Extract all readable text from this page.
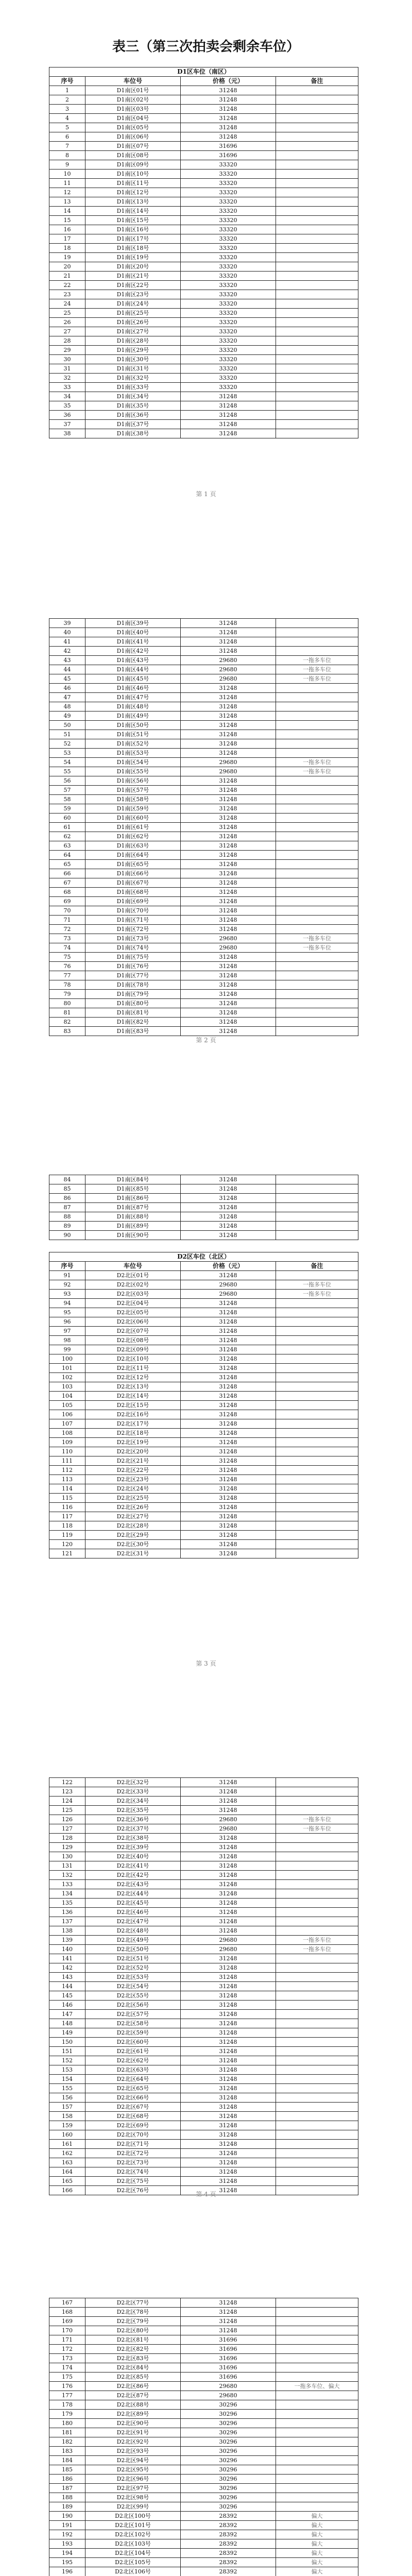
表三（第三次拍卖会剩余车位）
D1区车位（南区）			
序号	车位号	价格（元）	备注
1	D1南区01号	31248	
2	D1南区02号	31248	
3	D1南区03号	31248	
4	D1南区04号	31248	
5	D1南区05号	31248	
6	D1南区06号	31248	
7	D1南区07号	31696	
8	D1南区08号	31696	
9	D1南区09号	33320	
10	D1南区10号	33320	
11	D1南区11号	33320	
12	D1南区12号	33320	
13	D1南区13号	33320	
14	D1南区14号	33320	
15	D1南区15号	33320	
16	D1南区16号	33320	
17	D1南区17号	33320	
18	D1南区18号	33320	
19	D1南区19号	33320	
20	D1南区20号	33320	
21	D1南区21号	33320	
22	D1南区22号	33320	
23	D1南区23号	33320	
24	D1南区24号	33320	
25	D1南区25号	33320	
26	D1南区26号	33320	
27	D1南区27号	33320	
28	D1南区28号	33320	
29	D1南区29号	33320	
30	D1南区30号	33320	
31	D1南区31号	33320	
32	D1南区32号	33320	
33	D1南区33号	33320	
34	D1南区34号	31248	
35	D1南区35号	31248	
36	D1南区36号	31248	
37	D1南区37号	31248	
38	D1南区38号	31248	
第 1 页
39	D1南区39号	31248	
40	D1南区40号	31248	
41	D1南区41号	31248	
42	D1南区42号	31248	
43	D1南区43号	29680	一拖多车位
44	D1南区44号	29680	一拖多车位
45	D1南区45号	29680	一拖多车位
46	D1南区46号	31248	
47	D1南区47号	31248	
48	D1南区48号	31248	
49	D1南区49号	31248	
50	D1南区50号	31248	
51	D1南区51号	31248	
52	D1南区52号	31248	
53	D1南区53号	31248	
54	D1南区54号	29680	一拖多车位
55	D1南区55号	29680	一拖多车位
56	D1南区56号	31248	
57	D1南区57号	31248	
58	D1南区58号	31248	
59	D1南区59号	31248	
60	D1南区60号	31248	
61	D1南区61号	31248	
62	D1南区62号	31248	
63	D1南区63号	31248	
64	D1南区64号	31248	
65	D1南区65号	31248	
66	D1南区66号	31248	
67	D1南区67号	31248	
68	D1南区68号	31248	
69	D1南区69号	31248	
70	D1南区70号	31248	
71	D1南区71号	31248	
72	D1南区72号	31248	
73	D1南区73号	29680	一拖多车位
74	D1南区74号	29680	一拖多车位
75	D1南区75号	31248	
76	D1南区76号	31248	
77	D1南区77号	31248	
78	D1南区78号	31248	
79	D1南区79号	31248	
80	D1南区80号	31248	
81	D1南区81号	31248	
82	D1南区82号	31248	
83	D1南区83号	31248	
第 2 页
84	D1南区84号	31248	
85	D1南区85号	31248	
86	D1南区86号	31248	
87	D1南区87号	31248	
88	D1南区88号	31248	
89	D1南区89号	31248	
90	D1南区90号	31248	
D2区车位（北区）			
序号	车位号	价格（元）	备注
91	D2北区01号	31248	
92	D2北区02号	29680	一拖多车位
93	D2北区03号	29680	一拖多车位
94	D2北区04号	31248	
95	D2北区05号	31248	
96	D2北区06号	31248	
97	D2北区07号	31248	
98	D2北区08号	31248	
99	D2北区09号	31248	
100	D2北区10号	31248	
101	D2北区11号	31248	
102	D2北区12号	31248	
103	D2北区13号	31248	
104	D2北区14号	31248	
105	D2北区15号	31248	
106	D2北区16号	31248	
107	D2北区17号	31248	
108	D2北区18号	31248	
109	D2北区19号	31248	
110	D2北区20号	31248	
111	D2北区21号	31248	
112	D2北区22号	31248	
113	D2北区23号	31248	
114	D2北区24号	31248	
115	D2北区25号	31248	
116	D2北区26号	31248	
117	D2北区27号	31248	
118	D2北区28号	31248	
119	D2北区29号	31248	
120	D2北区30号	31248	
121	D2北区31号	31248	
第 3 页
122	D2北区32号	31248	
123	D2北区33号	31248	
124	D2北区34号	31248	
125	D2北区35号	31248	
126	D2北区36号	29680	一拖多车位
127	D2北区37号	29680	一拖多车位
128	D2北区38号	31248	
129	D2北区39号	31248	
130	D2北区40号	31248	
131	D2北区41号	31248	
132	D2北区42号	31248	
133	D2北区43号	31248	
134	D2北区44号	31248	
135	D2北区45号	31248	
136	D2北区46号	31248	
137	D2北区47号	31248	
138	D2北区48号	31248	
139	D2北区49号	29680	一拖多车位
140	D2北区50号	29680	一拖多车位
141	D2北区51号	31248	
142	D2北区52号	31248	
143	D2北区53号	31248	
144	D2北区54号	31248	
145	D2北区55号	31248	
146	D2北区56号	31248	
147	D2北区57号	31248	
148	D2北区58号	31248	
149	D2北区59号	31248	
150	D2北区60号	31248	
151	D2北区61号	31248	
152	D2北区62号	31248	
153	D2北区63号	31248	
154	D2北区64号	31248	
155	D2北区65号	31248	
156	D2北区66号	31248	
157	D2北区67号	31248	
158	D2北区68号	31248	
159	D2北区69号	31248	
160	D2北区70号	31248	
161	D2北区71号	31248	
162	D2北区72号	31248	
163	D2北区73号	31248	
164	D2北区74号	31248	
165	D2北区75号	31248	
166	D2北区76号	31248	
第 4 页
167	D2北区77号	31248	
168	D2北区78号	31248	
169	D2北区79号	31248	
170	D2北区80号	31248	
171	D2北区81号	31696	
172	D2北区82号	31696	
173	D2北区83号	31696	
174	D2北区84号	31696	
175	D2北区85号	31696	
176	D2北区86号	29680	一拖多车位、偏大
177	D2北区87号	29680	
178	D2北区88号	30296	
179	D2北区89号	30296	
180	D2北区90号	30296	
181	D2北区91号	30296	
182	D2北区92号	30296	
183	D2北区93号	30296	
184	D2北区94号	30296	
185	D2北区95号	30296	
186	D2北区96号	30296	
187	D2北区97号	30296	
188	D2北区98号	30296	
189	D2北区99号	30296	
190	D2北区100号	28392	偏大
191	D2北区101号	28392	偏大
192	D2北区102号	28392	偏大
193	D2北区103号	28392	偏大
194	D2北区104号	28392	偏大
195	D2北区105号	28392	偏大
196	D2北区106号	28392	偏大
